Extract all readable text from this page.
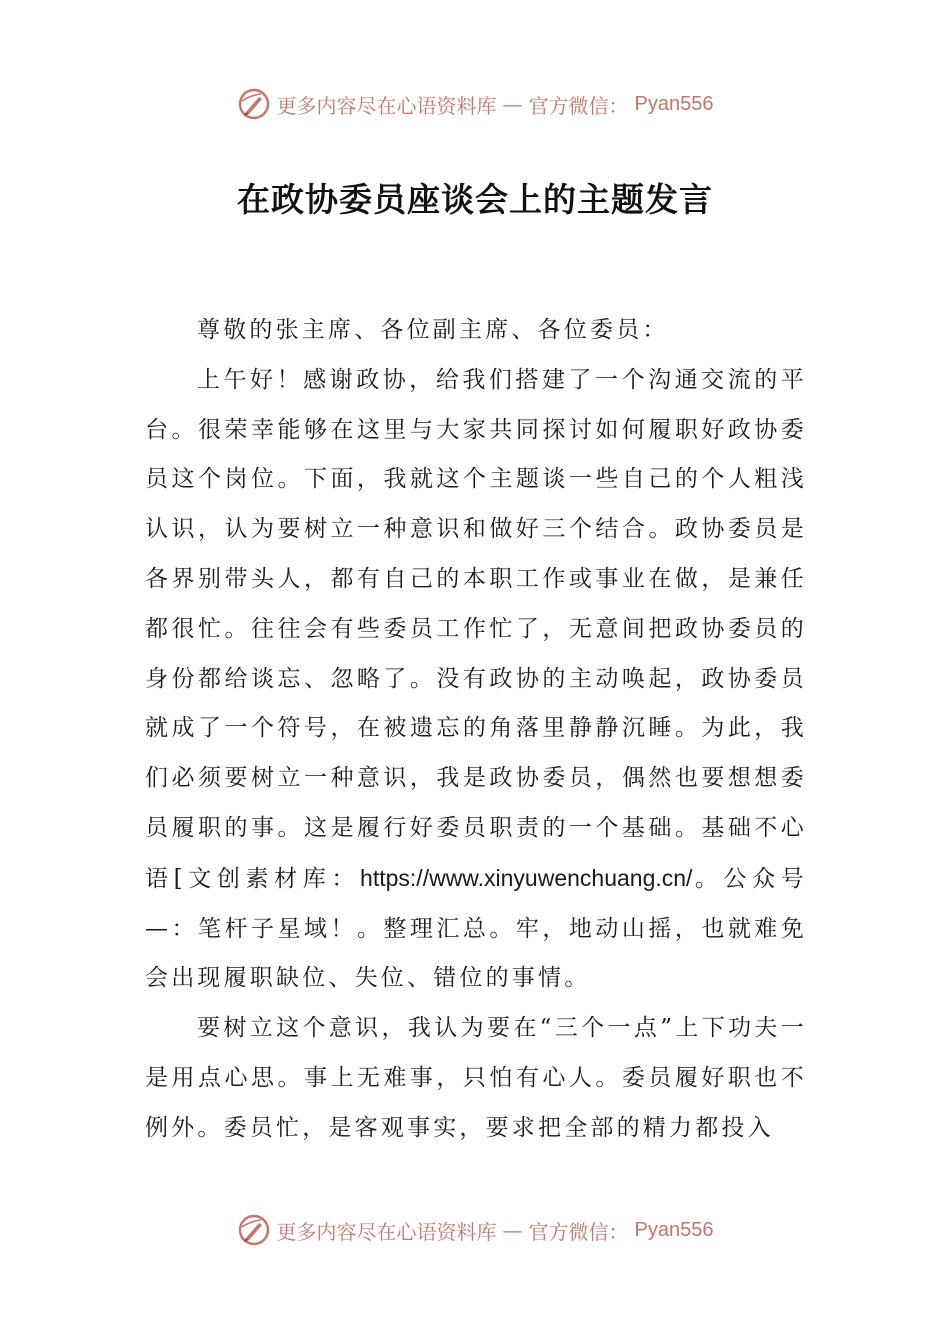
更多内容尽在心语资料库 — 官方微信： Pyan556
在政协委员座谈会上的主题发言

尊敬的张主席、各位副主席、各位委员：

上午好！感谢政协，给我们搭建了一个沟通交流的平台。很荣幸能够在这里与大家共同探讨如何履职好政协委员这个岗位。下面，我就这个主题谈一些自己的个人粗浅认识，认为要树立一种意识和做好三个结合。政协委员是各界别带头人，都有自己的本职工作或事业在做，是兼任都很忙。往往会有些委员工作忙了，无意间把政协委员的身份都给谈忘、忽略了。没有政协的主动唤起，政协委员就成了一个符号，在被遗忘的角落里静静沉睡。为此，我们必须要树立一种意识，我是政协委员，偶然也要想想委员履职的事。这是履行好委员职责的一个基础。基础不心语[文创素材库：https://www.xinyuwenchuang.cn/。公众号—：笔杆子星域！。整理汇总。牢，地动山摇，也就难免会出现履职缺位、失位、错位的事情。

要树立这个意识，我认为要在“三个一点”上下功夫一是用点心思。事上无难事，只怕有心人。委员履好职也不例外。委员忙，是客观事实，要求把全部的精力都投入

更多内容尽在心语资料库 — 官方微信： Pyan556
